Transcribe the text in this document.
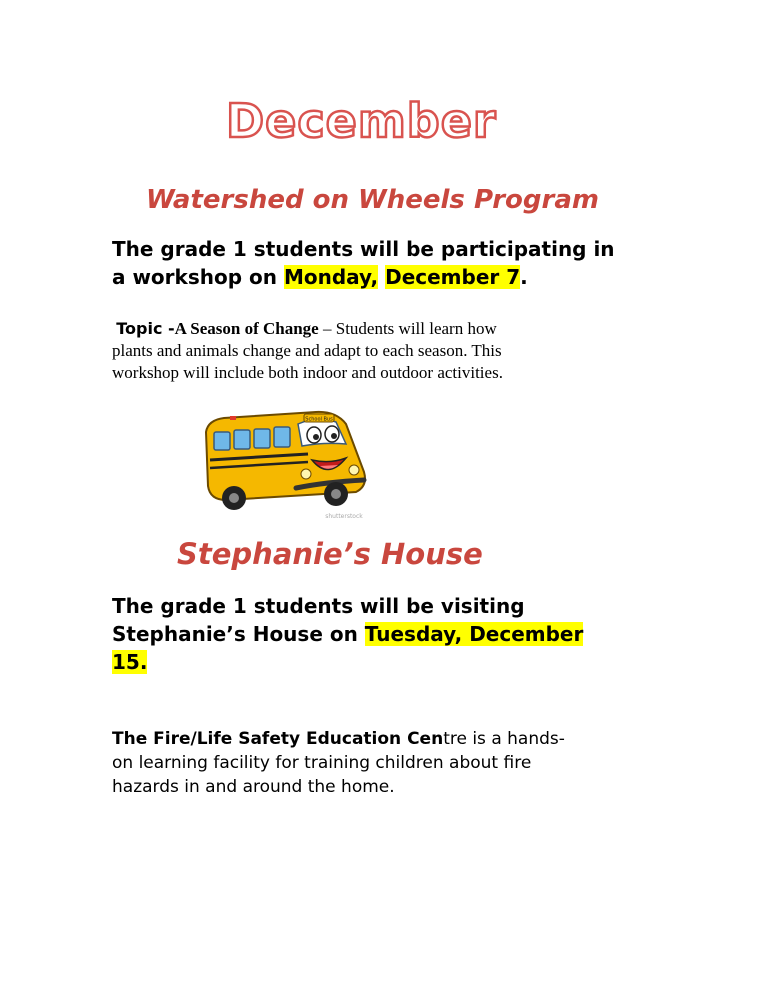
December
Watershed on Wheels Program
The grade 1 students will be participating in
a workshop on Monday, December 7.
Topic -A Season of Change – Students will learn how
plants and animals change and adapt to each season. This
workshop will include both indoor and outdoor activities.
School Bus
shutterstock
Stephanie’s House
The grade 1 students will be visiting
Stephanie’s House on Tuesday, December
15.
The Fire/Life Safety Education Centre is a hands-
on learning facility for training children about fire
hazards in and around the home.
